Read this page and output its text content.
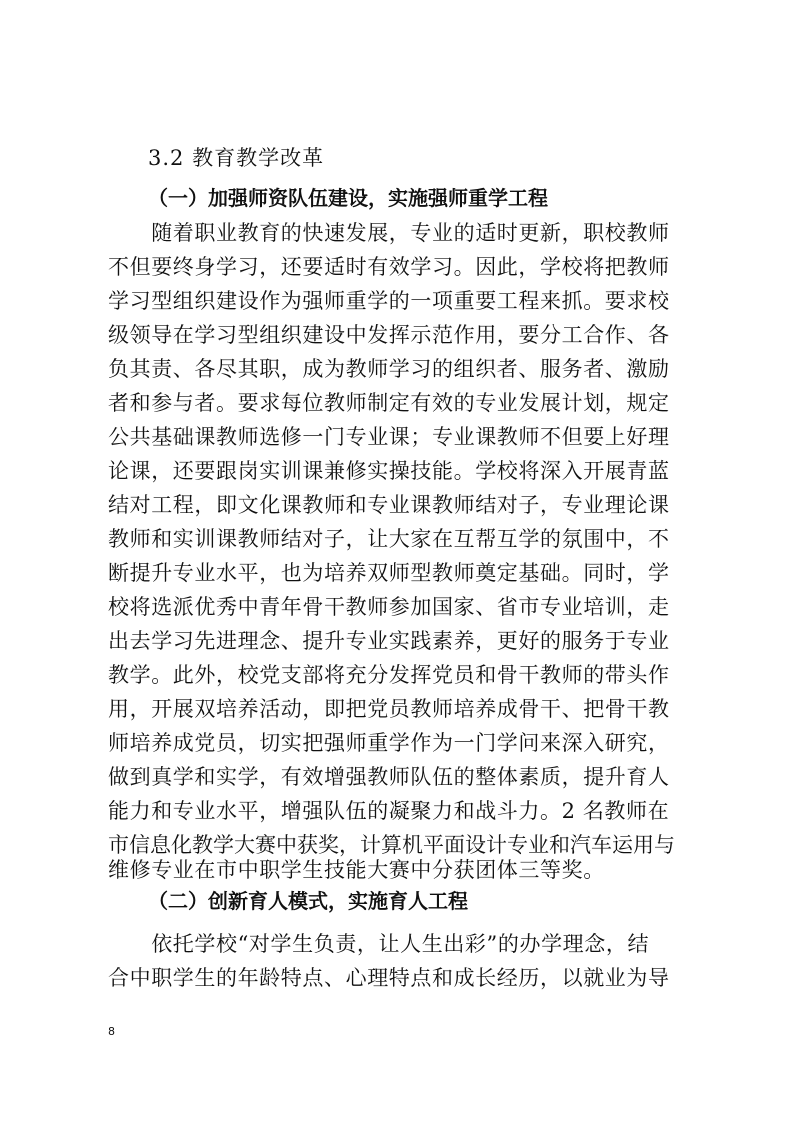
3.2 教育教学改革
（一）加强师资队伍建设，实施强师重学工程
　　随着职业教育的快速发展，专业的适时更新，职校教师
不但要终身学习，还要适时有效学习。因此，学校将把教师
学习型组织建设作为强师重学的一项重要工程来抓。要求校
级领导在学习型组织建设中发挥示范作用，要分工合作、各
负其责、各尽其职，成为教师学习的组织者、服务者、激励
者和参与者。要求每位教师制定有效的专业发展计划，规定
公共基础课教师选修一门专业课；专业课教师不但要上好理
论课，还要跟岗实训课兼修实操技能。学校将深入开展青蓝
结对工程，即文化课教师和专业课教师结对子，专业理论课
教师和实训课教师结对子，让大家在互帮互学的氛围中，不
断提升专业水平，也为培养双师型教师奠定基础。同时，学
校将选派优秀中青年骨干教师参加国家、省市专业培训，走
出去学习先进理念、提升专业实践素养，更好的服务于专业
教学。此外，校党支部将充分发挥党员和骨干教师的带头作
用，开展双培养活动，即把党员教师培养成骨干、把骨干教
师培养成党员，切实把强师重学作为一门学问来深入研究，
做到真学和实学，有效增强教师队伍的整体素质，提升育人
能力和专业水平，增强队伍的凝聚力和战斗力。2 名教师在
市信息化教学大赛中获奖，计算机平面设计专业和汽车运用与
维修专业在市中职学生技能大赛中分获团体三等奖。
（二）创新育人模式，实施育人工程
　　依托学校“对学生负责，让人生出彩”的办学理念，结
合中职学生的年龄特点、心理特点和成长经历，以就业为导
8
